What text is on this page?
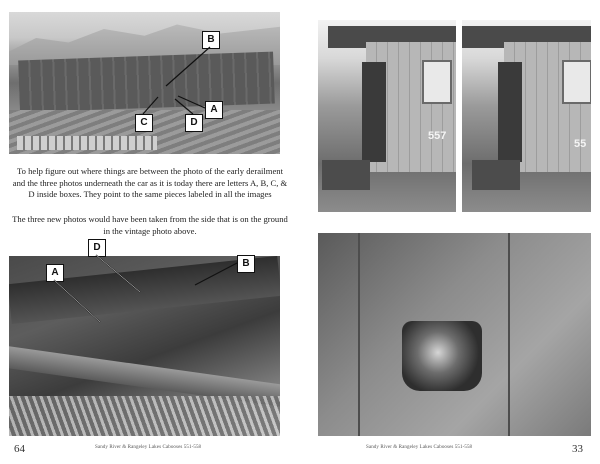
B
A
C	D
To help figure out where things are between the photo of the early derailment and the three photos underneath the car as it is today there are letters A, B, C, & D inside boxes. They point to the same pieces labeled in all the images
The three new photos would have been taken from the side that is on the ground in the vintage photo above.
D
B
A
64	Sandy River & Rangeley Lakes Cabooses 551-558
557
55
Sandy River & Rangeley Lakes Cabooses 551-558	33
